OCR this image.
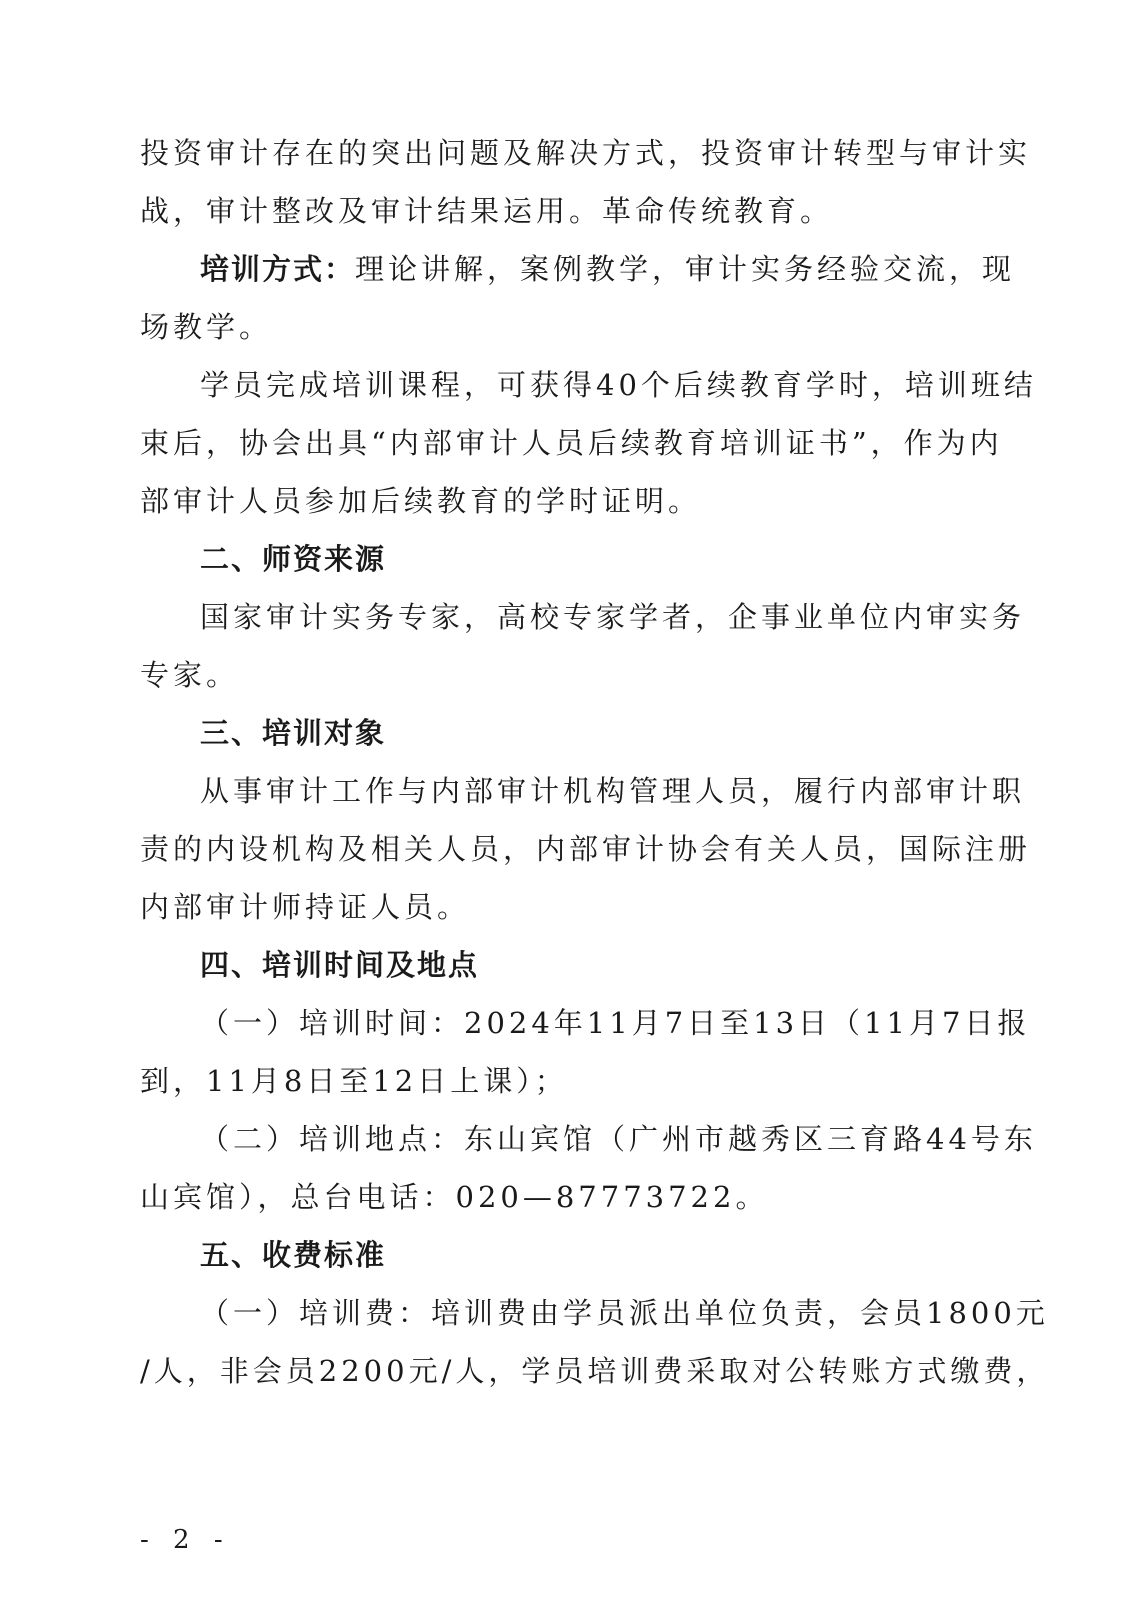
投资审计存在的突出问题及解决方式，投资审计转型与审计实
战，审计整改及审计结果运用。革命传统教育。
培训方式：理论讲解，案例教学，审计实务经验交流，现
场教学。
学员完成培训课程，可获得40个后续教育学时，培训班结
束后，协会出具“内部审计人员后续教育培训证书”，作为内
部审计人员参加后续教育的学时证明。
二、师资来源
国家审计实务专家，高校专家学者，企事业单位内审实务
专家。
三、培训对象
从事审计工作与内部审计机构管理人员，履行内部审计职
责的内设机构及相关人员，内部审计协会有关人员，国际注册
内部审计师持证人员。
四、培训时间及地点
（一）培训时间：2024年11月7日至13日（11月7日报
到，11月8日至12日上课）；
（二）培训地点：东山宾馆（广州市越秀区三育路44号东
山宾馆），总台电话：020—87773722。
五、收费标准
（一）培训费：培训费由学员派出单位负责，会员1800元
/人，非会员2200元/人，学员培训费采取对公转账方式缴费，
- 2 -
